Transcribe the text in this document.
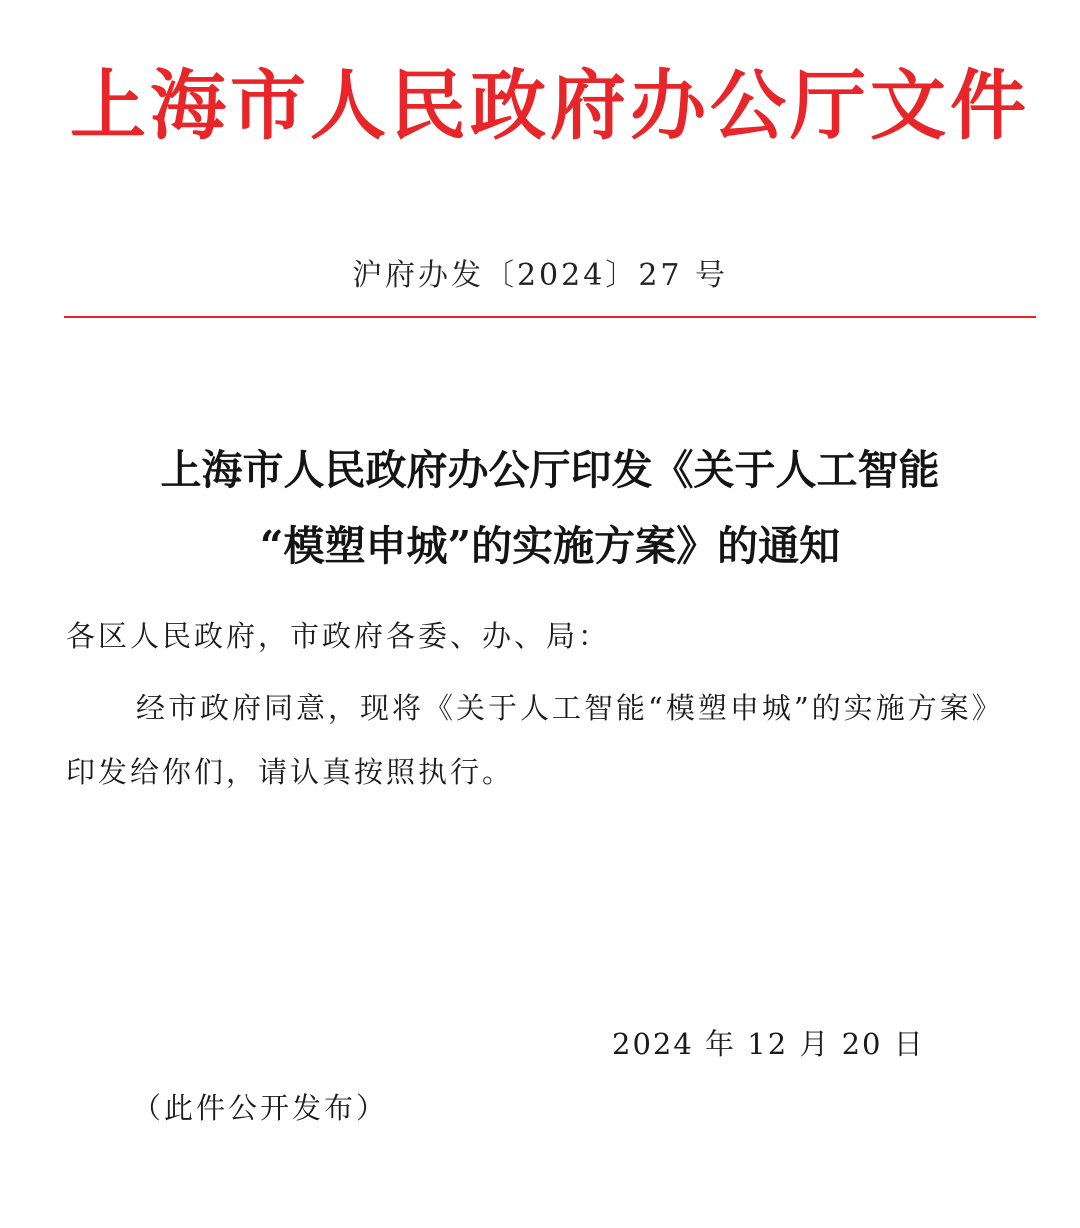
上海市人民政府办公厅文件
沪府办发〔2024〕27 号
上海市人民政府办公厅印发《关于人工智能
“模塑申城”的实施方案》的通知
各区人民政府，市政府各委、办、局：
经市政府同意，现将《关于人工智能“模塑申城”的实施方案》
印发给你们，请认真按照执行。
2024 年 12 月 20 日
（此件公开发布）
